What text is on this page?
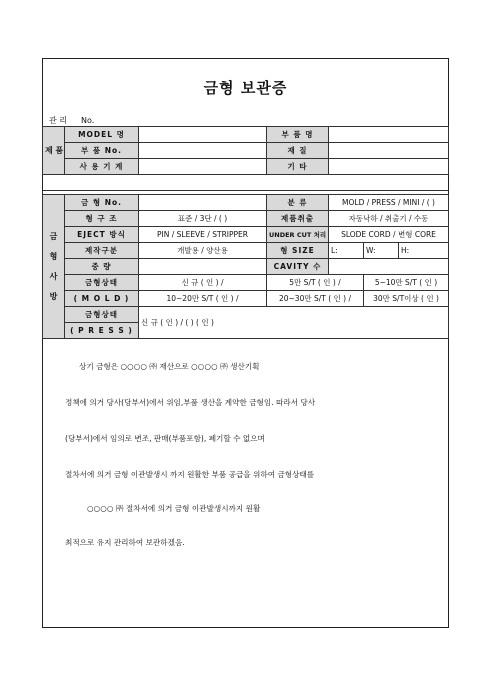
금형 보관증
관 리 No.
제 품	MODEL 명		부 품 명	
	부 품 No.		재 질	
	사 용 기 계		기 타	

금 형 사 방	금 형 No.		분 류	MOLD / PRESS / MINI / ( )		
	형 구 조	표준 / 3단 / ( )	제품취출	자동낙하 / 취출기 / 수동		
	EJECT 방식	PIN / SLEEVE / STRIPPER	UNDER CUT 처리	SLODE CORD / 변형 CORE		
	제작구분	개발용 / 양산용	형 SIZE	L:	W:	H:
	중 량		CAVITY 수			
	금형상태	신 규 ( 인 ) /	5만 S/T ( 인 ) /		5~10만 S/T ( 인 )	
	( M O L D )	10~20만 S/T ( 인 ) /	20~30만 S/T ( 인 ) /		30만 S/T이상 ( 인 )	
	금형상태	신 규 ( 인 ) / ( ) ( 인 )				
	( P R E S S )					

상기 금형은 ○○○○ ㈜ 재산으로 ○○○○ ㈜ 생산기획

정책에 의거 당사(당부서)에서 위임,부품 생산을 계약한 금형임. 따라서 당사

(당부서)에서 임의로 변조, 판매(부품포함), 폐기할 수 없으며

절차서에 의거 금형 이관발생시 까지 원활한 부품 공급을 위하여 금형상태를

○○○○ ㈜ 절차서에 의거 금형 이관발생시까지 원활

최적으로 유지 관리하여 보관하겠음.
